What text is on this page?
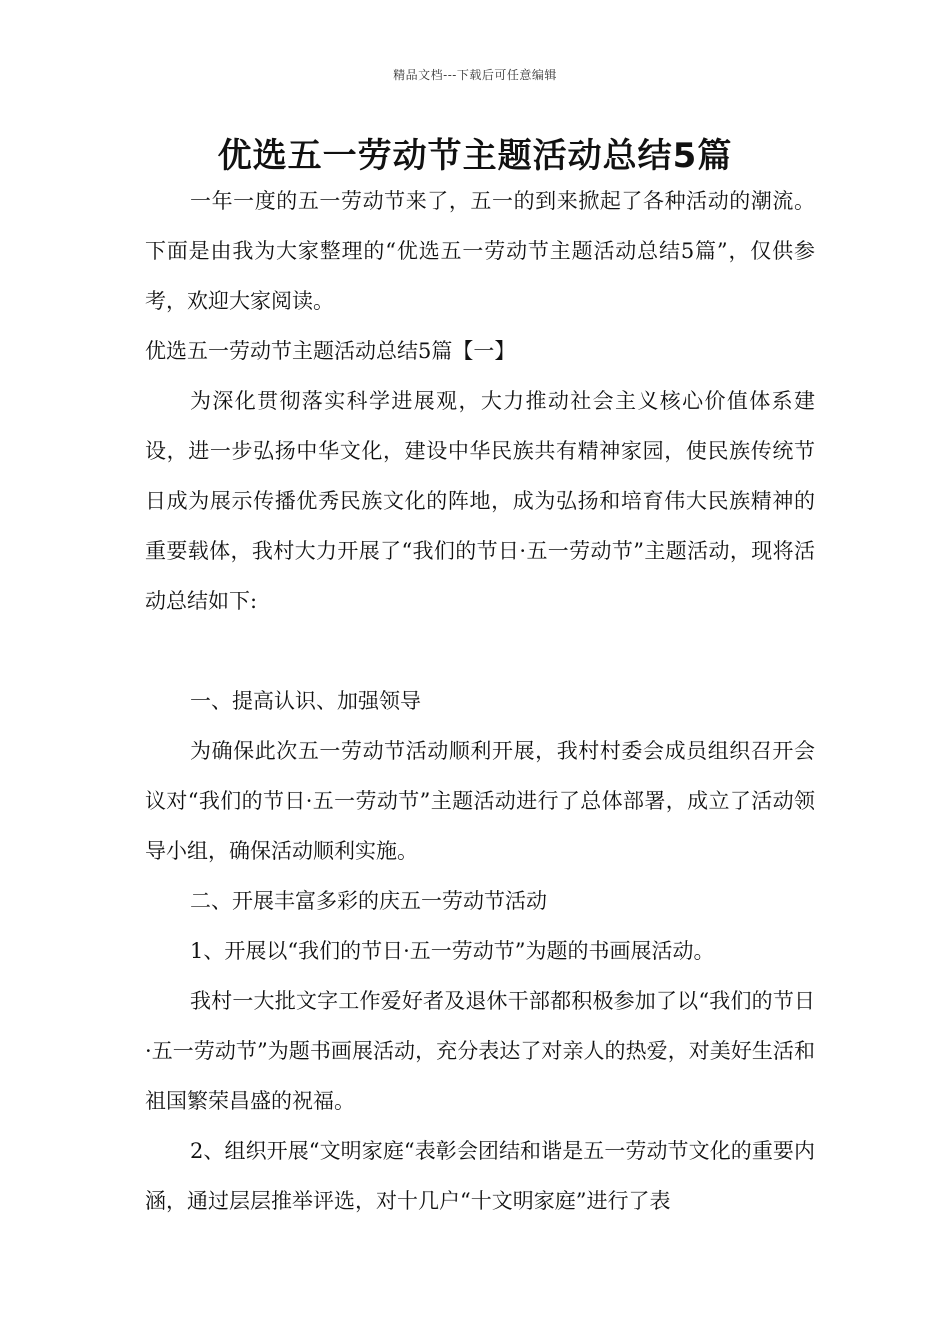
精品文档---下载后可任意编辑
优选五一劳动节主题活动总结5篇

一年一度的五一劳动节来了，五一的到来掀起了各种活动的潮流。下面是由我为大家整理的“优选五一劳动节主题活动总结5篇”，仅供参考，欢迎大家阅读。

优选五一劳动节主题活动总结5篇【一】

为深化贯彻落实科学进展观，大力推动社会主义核心价值体系建设，进一步弘扬中华文化，建设中华民族共有精神家园，使民族传统节日成为展示传播优秀民族文化的阵地，成为弘扬和培育伟大民族精神的重要载体，我村大力开展了“我们的节日·五一劳动节”主题活动，现将活动总结如下:

一、提高认识、加强领导

为确保此次五一劳动节活动顺利开展，我村村委会成员组织召开会议对“我们的节日·五一劳动节”主题活动进行了总体部署，成立了活动领导小组，确保活动顺利实施。

二、开展丰富多彩的庆五一劳动节活动

1、开展以“我们的节日·五一劳动节”为题的书画展活动。

我村一大批文字工作爱好者及退休干部都积极参加了以“我们的节日·五一劳动节”为题书画展活动，充分表达了对亲人的热爱，对美好生活和祖国繁荣昌盛的祝福。

2、组织开展“文明家庭“表彰会团结和谐是五一劳动节文化的重要内涵，通过层层推举评选，对十几户“十文明家庭”进行了表
